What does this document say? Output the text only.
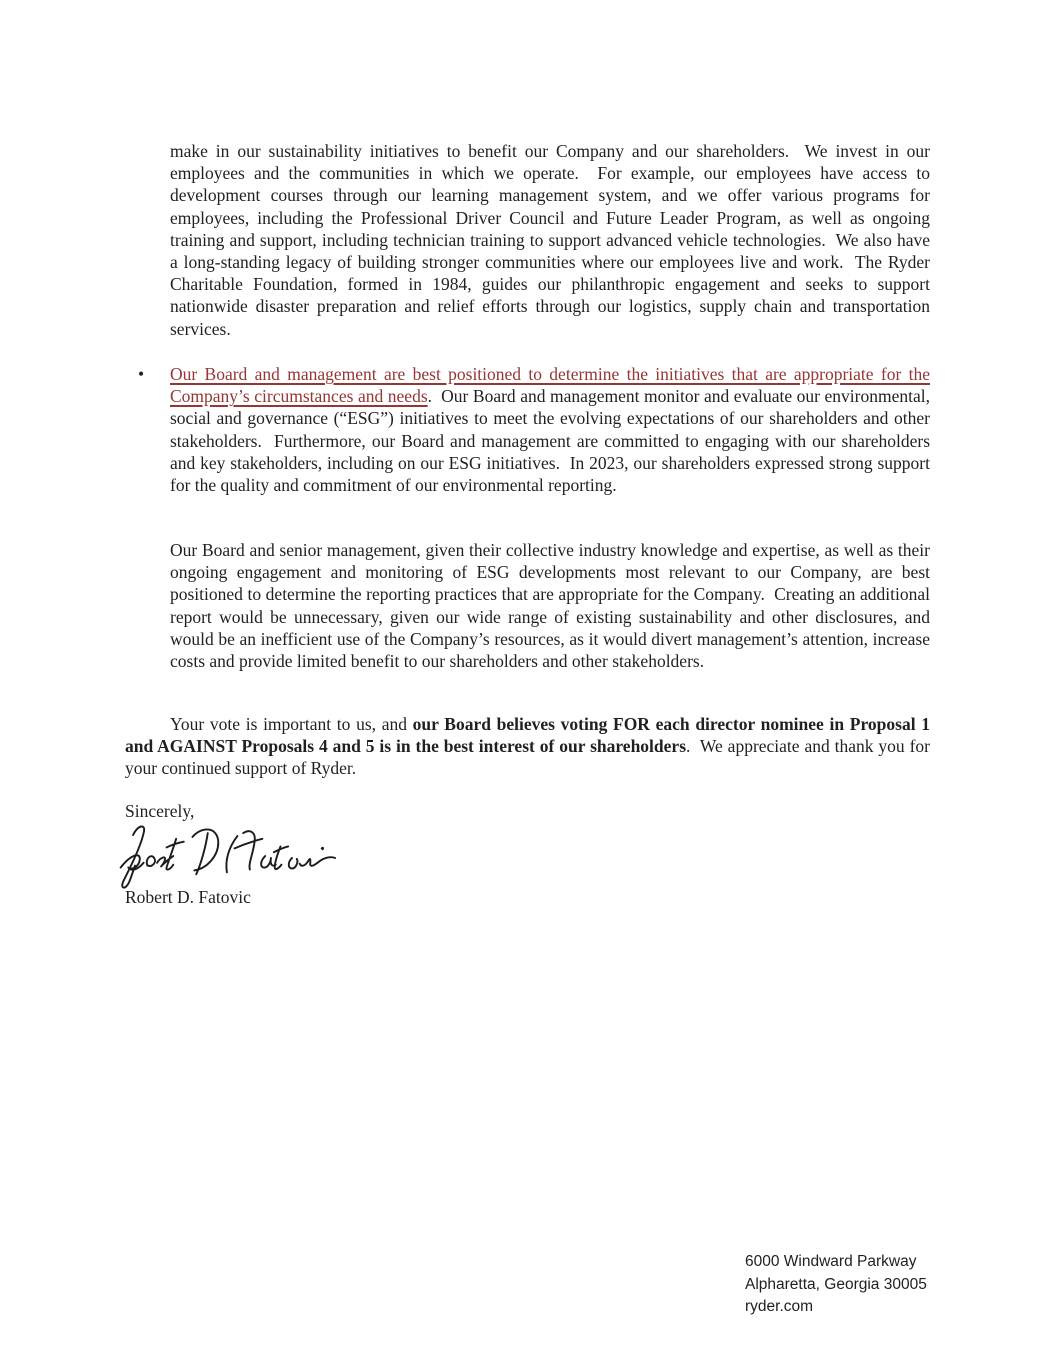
make in our sustainability initiatives to benefit our Company and our shareholders.  We invest in our employees and the communities in which we operate.  For example, our employees have access to development courses through our learning management system, and we offer various programs for employees, including the Professional Driver Council and Future Leader Program, as well as ongoing training and support, including technician training to support advanced vehicle technologies.  We also have a long-standing legacy of building stronger communities where our employees live and work.  The Ryder Charitable Foundation, formed in 1984, guides our philanthropic engagement and seeks to support nationwide disaster preparation and relief efforts through our logistics, supply chain and transportation services.

• Our Board and management are best positioned to determine the initiatives that are appropriate for the Company’s circumstances and needs.  Our Board and management monitor and evaluate our environmental, social and governance (“ESG”) initiatives to meet the evolving expectations of our shareholders and other stakeholders.  Furthermore, our Board and management are committed to engaging with our shareholders and key stakeholders, including on our ESG initiatives.  In 2023, our shareholders expressed strong support for the quality and commitment of our environmental reporting.

Our Board and senior management, given their collective industry knowledge and expertise, as well as their ongoing engagement and monitoring of ESG developments most relevant to our Company, are best positioned to determine the reporting practices that are appropriate for the Company.  Creating an additional report would be unnecessary, given our wide range of existing sustainability and other disclosures, and would be an inefficient use of the Company’s resources, as it would divert management’s attention, increase costs and provide limited benefit to our shareholders and other stakeholders.

Your vote is important to us, and our Board believes voting FOR each director nominee in Proposal 1 and AGAINST Proposals 4 and 5 is in the best interest of our shareholders.  We appreciate and thank you for your continued support of Ryder.

Sincerely,
Robert D. Fatovic
6000 Windward Parkway
Alpharetta, Georgia 30005
ryder.com
